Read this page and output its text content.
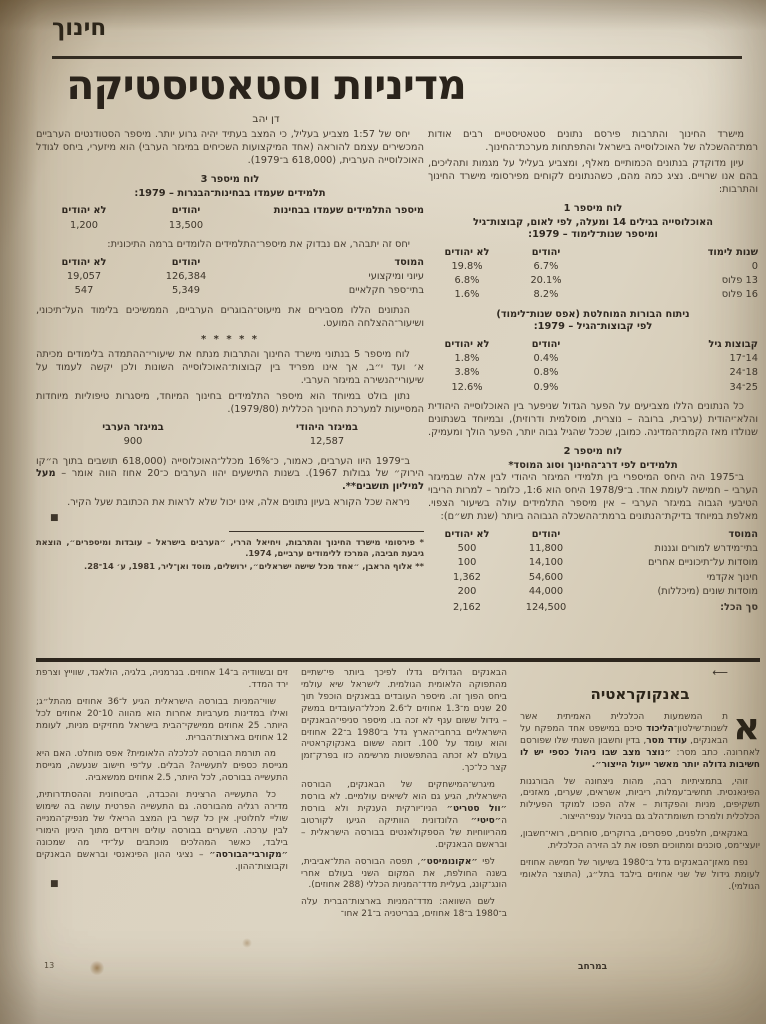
חינוך
מדיניות וסטאטיסטיקה
דן יהב

מישרד החינוך והתרבות פירסם נתונים סטאטיסטיים רבים אודות רמת־ההשכלה של האוכלוסייה בישראל והתפתחות מערכת־החינוך.

עיון מדוקדק בנתונים הכמותיים מאלף, ומצביע בעליל על מגמות ותהליכים, בהם אנו שרויים. נציג כמה מהם, כשהנתונים לקוחים מפירסומי מישרד החינוך והתרבות:

לוח מיספר 1
האוכלוסייה בגילים 14 ומעלה, לפי לאום, קבוצות־גיל
ומיספר שנות־לימוד – 1979:
שנות לימוד
יהודים
לא יהודים
0
6.7%
19.8%
13 פלוס
20.1%
6.8%
16 פלוס
8.2%
1.6%
ניתוח הבורות המוחלטת (אפס שנות־לימוד)
לפי קבוצות־הגיל – 1979:
קבוצות גיל
יהודים
לא יהודים
14־17
0.4%
1.8%
18־24
0.8%
3.8%
25־34
0.9%
12.6%

כל הנתונים הללו מצביעים על הפער הגדול שניפער בין האוכלוסייה היהודית והלא־יהודית (ערבית, ברובה – נוצרית, מוסלמית ודרוזית), ובמיוחד בשנתונים שנולדו מאז הקמת־המדינה. כמובן, שככל שהגיל גבוה יותר, הפער הולך ומעמיק.

לוח מיספר 2
תלמידים לפי דרג־החינוך וסוג המוסד*

ב־1975 היה היחס המיספרי בין תלמידי המיגזר היהודי לבין אלה שבמיגזר הערבי – חמישה לעומת אחד. ב־1978/9 היחס הוא 1:6, כלומר – למרות הריבוי הטיבעי הגבוה במיגזר הערבי – אין מיספר התלמידים עולה בשיעור הצפוי. מאלפת במיוחד בדיקת־הנתונים ברמת־ההשכלה הגבוהה ביותר (שנת תש״ם):

המוסד
יהודים
לא יהודים
בתי־מידרש למורים וגננות
11,800
500
מוסדות על־תיכוניים אחרים
14,100
100
חינוך אקדמי
54,600
1,362
מוסדות שונים (מיכללות)
44,000
200
סך הכל:
124,500
2,162

יחס של 1:57 מצביע בעליל, כי המצב בעתיד יהיה גרוע יותר. מיספר הסטודנטים הערביים המכשירים עצמם להוראה (אחד המיקצועות השכיחים במיגזר הערבי) הוא מיזערי, ביחס לגודל האוכלוסייה הערבית, (618,000 ב־1979).

לוח מיספר 3
תלמידים שעמדו בבחינות־הבגרות – 1979:
מיספר התלמידים שעמדו בבחינות
יהודים
לא יהודים
13,500
1,200

יחס זה יתבהר, אם נבדוק את מיספר־התלמידים הלומדים ברמה התיכונית:

המוסד
יהודים
לא יהודים
עיוני ומיקצועי
126,384
19,057
בתי־ספר חקלאיים
5,349
547

הנתונים הללו מסבירים את מיעוט־הבוגרים הערביים, הממשיכים בלימוד העל־תיכוני, ושיעור־ההצלחה המועט.

* * * * *

לוח מיספר 5 בנתוני מישרד החינוך והתרבות מנתח את שיעורי־ההתמדה בלימודים מכיתה א׳ ועד י״ב, אך אינו מפריד בין קבוצות־האוכלוסייה השונות ולכן יקשה לעמוד על שיעורי־הנשירה במיגזר הערבי.

נתון בולט במיוחד הוא מיספר התלמידים בחינוך המיוחד, מיסגרות טיפוליות מיוחדות המסייעות למערכת החינוך הכללית (1979/80).

במיגזר היהודי
במיגזר הערבי
12,587
900

ב־1979 היוו הערבים, כאמור, כ־16% מכלל־האוכלוסייה (618,000 תושבים בתוך ה״קו הירוק״ של גבולות 1967). בשנות התישעים יהוו הערבים כ־20 אחוז הווה אומר – מעל למיליון תושבים**.

ניראה שכל הקורא בעיון נתונים אלה, אינו יכול שלא לראות את הכתובת שעל הקיר.

■

* פירסומי מישרד החינוך והתרבות, ויחיאל הררי, ״הערבים בישראל – עובדות ומיספרים״, הוצאת גיבעת חביבה, המרכז ללימודים ערביים, 1974.

** אלוף הראבן, ״אחד מכל שישה ישראלים״, ירושלים, מוסד ואן־ליר, 1981, ע׳ 14־28.

⟵
באנקוקראטיה

א
ת המשמעות הכלכלית האמיתית אשר לשנות־שילטון־הליכוד סיכם במישפט אחד המפקח על הבאנקים, עודד מסר, בדין וחשבון השנתי שלו שפורסם לאחרונה. כתב מסר: ״נוצר מצב שבו ניהול כספי יש לו חשיבות גדולה יותר מאשר ייעול הייצור״.

זוהי, בתמציתיות רבה, מהות ניצחונה של הבורגנות הפינאנסית. תחשיב־עמלות, ריביות, אשראים, שערים, מאזנים, תשקיפים, מניות והפקדות – אלה הפכו למוקד הפעילות הכלכלית ולמרכז תשומת־הלב גם בניהול ענפי־הייצור.

באנקאים, חלפנים, ספסרים, ברוקרים, סוחרים, רואי־חשבון, יועצי־מס, סוכנים ומתווכים תפסו את לב הזירה הכלכלית.

נפח מאזן־הבאנקים גדל ב־1980 בשיעור של חמישה אחוזים לעומת גידול של שני אחוזים בילבד בתל״ג, (התוצר הלאומי הגולמי).

הבאנקים הגדולים גדלו לפיכך ביותר פי־שתיים מהתפוקה הלאומית הגולמית. לישראל שיא עולמי ביחס הפוך זה. מיספר העובדים בבאנקים הוכפל תוך 20 שנים מ־1.3 אחוזים ל־2.6 מכלל־העובדים במשק – גידול ששום ענף לא זכה בו. מיספר סניפי־הבאנקים הישראליים ברחבי־הארץ גדל ב־1980 ב־22 אחוזים והוא עומד על 100. דומה ששום באנקוקראטיה בעולם לא זכתה בהתפשטות מרשימה כזו בפרק־זמן קצר כל־כך.

מיגרש־המישחקים של הבאנקים, הבורסה הישראלית, הגיע גם הוא לשיאים עולמיים. לא בורסת ״וול סטריט״ הניו־יורקית הענקית ולא בורסת ה״סיטי״ הלונדונית הוותיקה הגיעו לקורטוב מהריווחיות של הספקולאנטים בבורסה הישראלית – ובראשם הבאנקים.

לפי ״אקונומיסט״, תפסה הבורסה התל־אביבית, בשנה החולפת, את המקום השני בעולם אחרי הונג־קונג, בעליית מדד־המניות הכללי (288 אחוזים).

לשם השוואה: מדד־המניות בארצות־הברית עלה ב־1980 ב־18 אחוזים, בבריטניה ב־21 אחו־

זים ובשוודיה ב־14 אחוזים. בגרמניה, בלגיה, הולאנד, שווייץ וצרפת ירד המדד.

שווי־המניות בבורסה הישראלית הגיע ל־36 אחוזים מהתל״ג; ואילו במדינות מערביות אחרות הוא מהווה 10־20 אחוזים לכל היותר. 25 אחוזים ממישקי־הבית בישראל מחזיקים מניות, לעומת 12 אחוזים בארצות־הברית.

מה תורמת הבורסה לכלכלה הלאומית? אפס מוחלט. האם היא מגייסת כספים לתעשייה? הבלים. על־פי חישוב שנעשה, מגייסת התעשייה בבורסה, לכל היותר, 2.5 אחוזים ממשאביה.

כל התעשייה הרצינית והכבדה, הביטחונית וההסתדרותית, מדירה רגליה מהבורסה. גם התעשייה הפרטית עושה בה שימוש שוליי לחלוטין. אין כל קשר בין המצב הריאלי של מנפיק־המנייה לבין ערכה. השערים בבורסה עולים ויורדים מתוך היגיון הימורי בילבד, כאשר המהלכים מוכתבים על־ידי מה שמכונה ״מקורבי־הבורסה״ – נציגי ההון הפינאנסי ובראשם הבאנקים וקבוצות־ההון.

■
13	במרחב
